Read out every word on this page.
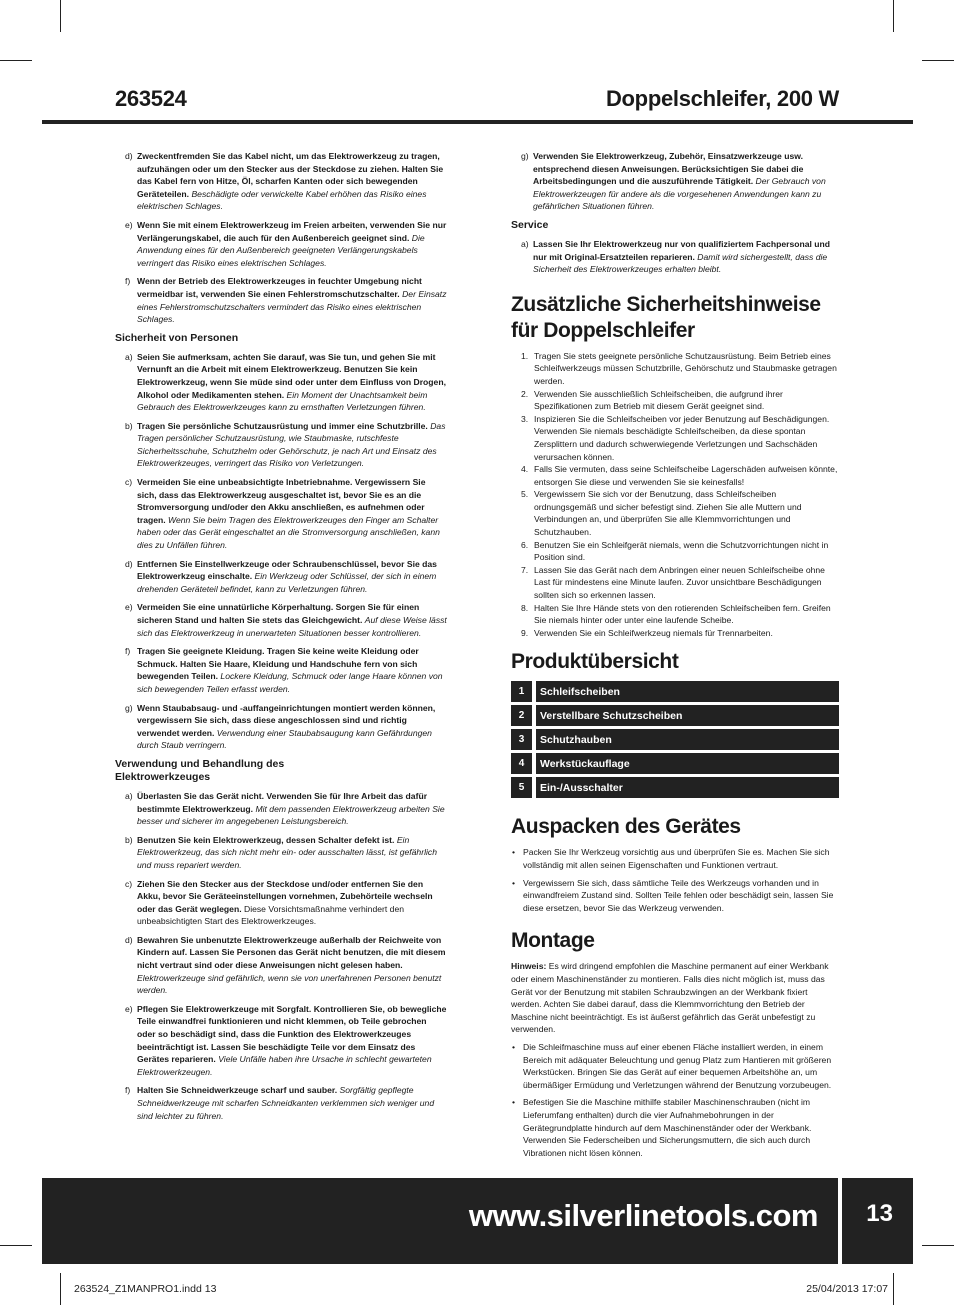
263524	Doppelschleifer, 200 W
d) Zweckentfremden Sie das Kabel nicht, um das Elektrowerkzeug zu tragen, aufzuhängen oder um den Stecker aus der Steckdose zu ziehen. Halten Sie das Kabel fern von Hitze, Öl, scharfen Kanten oder sich bewegenden Geräteteilen. Beschädigte oder verwickelte Kabel erhöhen das Risiko eines elektrischen Schlages.
e) Wenn Sie mit einem Elektrowerkzeug im Freien arbeiten, verwenden Sie nur Verlängerungskabel, die auch für den Außenbereich geeignet sind. Die Anwendung eines für den Außenbereich geeigneten Verlängerungskabels verringert das Risiko eines elektrischen Schlages.
f) Wenn der Betrieb des Elektrowerkzeuges in feuchter Umgebung nicht vermeidbar ist, verwenden Sie einen Fehlerstromschutzschalter. Der Einsatz eines Fehlerstromschutzschalters vermindert das Risiko eines elektrischen Schlages.
Sicherheit von Personen
a) Seien Sie aufmerksam, achten Sie darauf, was Sie tun, und gehen Sie mit Vernunft an die Arbeit mit einem Elektrowerkzeug. Benutzen Sie kein Elektrowerkzeug, wenn Sie müde sind oder unter dem Einfluss von Drogen, Alkohol oder Medikamenten stehen. Ein Moment der Unachtsamkeit beim Gebrauch des Elektrowerkzeuges kann zu ernsthaften Verletzungen führen.
b) Tragen Sie persönliche Schutzausrüstung und immer eine Schutzbrille. Das Tragen persönlicher Schutzausrüstung, wie Staubmaske, rutschfeste Sicherheitsschuhe, Schutzhelm oder Gehörschutz, je nach Art und Einsatz des Elektrowerkzeuges, verringert das Risiko von Verletzungen.
c) Vermeiden Sie eine unbeabsichtigte Inbetriebnahme. Vergewissern Sie sich, dass das Elektrowerkzeug ausgeschaltet ist, bevor Sie es an die Stromversorgung und/oder den Akku anschließen, es aufnehmen oder tragen. Wenn Sie beim Tragen des Elektrowerkzeuges den Finger am Schalter haben oder das Gerät eingeschaltet an die Stromversorgung anschließen, kann dies zu Unfällen führen.
d) Entfernen Sie Einstellwerkzeuge oder Schraubenschlüssel, bevor Sie das Elektrowerkzeug einschalte. Ein Werkzeug oder Schlüssel, der sich in einem drehenden Geräteteil befindet, kann zu Verletzungen führen.
e) Vermeiden Sie eine unnatürliche Körperhaltung. Sorgen Sie für einen sicheren Stand und halten Sie stets das Gleichgewicht. Auf diese Weise lässt sich das Elektrowerkzeug in unerwarteten Situationen besser kontrollieren.
f) Tragen Sie geeignete Kleidung. Tragen Sie keine weite Kleidung oder Schmuck. Halten Sie Haare, Kleidung und Handschuhe fern von sich bewegenden Teilen. Lockere Kleidung, Schmuck oder lange Haare können von sich bewegenden Teilen erfasst werden.
g) Wenn Staubabsaug- und -auffangeinrichtungen montiert werden können, vergewissern Sie sich, dass diese angeschlossen sind und richtig verwendet werden. Verwendung einer Staubabsaugung kann Gefährdungen durch Staub verringern.
Verwendung und Behandlung des Elektrowerkzeuges
a) Überlasten Sie das Gerät nicht. Verwenden Sie für Ihre Arbeit das dafür bestimmte Elektrowerkzeug. Mit dem passenden Elektrowerkzeug arbeiten Sie besser und sicherer im angegebenen Leistungsbereich.
b) Benutzen Sie kein Elektrowerkzeug, dessen Schalter defekt ist. Ein Elektrowerkzeug, das sich nicht mehr ein- oder ausschalten lässt, ist gefährlich und muss repariert werden.
c) Ziehen Sie den Stecker aus der Steckdose und/oder entfernen Sie den Akku, bevor Sie Geräteeinstellungen vornehmen, Zubehörteile wechseln oder das Gerät weglegen. Diese Vorsichtsmaßnahme verhindert den unbeabsichtigten Start des Elektrowerkzeuges.
d) Bewahren Sie unbenutzte Elektrowerkzeuge außerhalb der Reichweite von Kindern auf. Lassen Sie Personen das Gerät nicht benutzen, die mit diesem nicht vertraut sind oder diese Anweisungen nicht gelesen haben. Elektrowerkzeuge sind gefährlich, wenn sie von unerfahrenen Personen benutzt werden.
e) Pflegen Sie Elektrowerkzeuge mit Sorgfalt. Kontrollieren Sie, ob bewegliche Teile einwandfrei funktionieren und nicht klemmen, ob Teile gebrochen oder so beschädigt sind, dass die Funktion des Elektrowerkzeuges beeinträchtigt ist. Lassen Sie beschädigte Teile vor dem Einsatz des Gerätes reparieren. Viele Unfälle haben ihre Ursache in schlecht gewarteten Elektrowerkzeugen.
f) Halten Sie Schneidwerkzeuge scharf und sauber. Sorgfältig gepflegte Schneidwerkzeuge mit scharfen Schneidkanten verklemmen sich weniger und sind leichter zu führen.
g) Verwenden Sie Elektrowerkzeug, Zubehör, Einsatzwerkzeuge usw. entsprechend diesen Anweisungen. Berücksichtigen Sie dabei die Arbeitsbedingungen und die auszuführende Tätigkeit. Der Gebrauch von Elektrowerkzeugen für andere als die vorgesehenen Anwendungen kann zu gefährlichen Situationen führen.
Service
a) Lassen Sie Ihr Elektrowerkzeug nur von qualifiziertem Fachpersonal und nur mit Original-Ersatzteilen reparieren. Damit wird sichergestellt, dass die Sicherheit des Elektrowerkzeuges erhalten bleibt.
Zusätzliche Sicherheitshinweise für Doppelschleifer
1. Tragen Sie stets geeignete persönliche Schutzausrüstung. Beim Betrieb eines Schleifwerkzeugs müssen Schutzbrille, Gehörschutz und Staubmaske getragen werden.
2. Verwenden Sie ausschließlich Schleifscheiben, die aufgrund ihrer Spezifikationen zum Betrieb mit diesem Gerät geeignet sind.
3. Inspizieren Sie die Schleifscheiben vor jeder Benutzung auf Beschädigungen. Verwenden Sie niemals beschädigte Schleifscheiben, da diese spontan Zersplittern und dadurch schwerwiegende Verletzungen und Sachschäden verursachen können.
4. Falls Sie vermuten, dass seine Schleifscheibe Lagerschäden aufweisen könnte, entsorgen Sie diese und verwenden Sie sie keinesfalls!
5. Vergewissern Sie sich vor der Benutzung, dass Schleifscheiben ordnungsgemäß und sicher befestigt sind. Ziehen Sie alle Muttern und Verbindungen an, und überprüfen Sie alle Klemmvorrichtungen und Schutzhauben.
6. Benutzen Sie ein Schleifgerät niemals, wenn die Schutzvorrichtungen nicht in Position sind.
7. Lassen Sie das Gerät nach dem Anbringen einer neuen Schleifscheibe ohne Last für mindestens eine Minute laufen. Zuvor unsichtbare Beschädigungen sollten sich so erkennen lassen.
8. Halten Sie Ihre Hände stets von den rotierenden Schleifscheiben fern. Greifen Sie niemals hinter oder unter eine laufende Scheibe.
9. Verwenden Sie ein Schleifwerkzeug niemals für Trennarbeiten.
Produktübersicht
1	Schleifscheiben
2	Verstellbare Schutzscheiben
3	Schutzhauben
4	Werkstückauflage
5	Ein-/Ausschalter
Auspacken des Gerätes
• Packen Sie Ihr Werkzeug vorsichtig aus und überprüfen Sie es. Machen Sie sich vollständig mit allen seinen Eigenschaften und Funktionen vertraut.
• Vergewissern Sie sich, dass sämtliche Teile des Werkzeugs vorhanden und in einwandfreiem Zustand sind. Sollten Teile fehlen oder beschädigt sein, lassen Sie diese ersetzen, bevor Sie das Werkzeug verwenden.
Montage
Hinweis: Es wird dringend empfohlen die Maschine permanent auf einer Werkbank oder einem Maschinenständer zu montieren. Falls dies nicht möglich ist, muss das Gerät vor der Benutzung mit stabilen Schraubzwingen an der Werkbank fixiert werden. Achten Sie dabei darauf, dass die Klemmvorrichtung den Betrieb der Maschine nicht beeinträchtigt. Es ist äußerst gefährlich das Gerät unbefestigt zu verwenden.
• Die Schleifmaschine muss auf einer ebenen Fläche installiert werden, in einem Bereich mit adäquater Beleuchtung und genug Platz zum Hantieren mit größeren Werkstücken. Bringen Sie das Gerät auf einer bequemen Arbeitshöhe an, um übermäßiger Ermüdung und Verletzungen während der Benutzung vorzubeugen.
• Befestigen Sie die Maschine mithilfe stabiler Maschinenschrauben (nicht im Lieferumfang enthalten) durch die vier Aufnahmebohrungen in der Gerätegrundplatte hindurch auf dem Maschinenständer oder der Werkbank. Verwenden Sie Federscheiben und Sicherungsmuttern, die sich auch durch Vibrationen nicht lösen können.
www.silverlinetools.com 13
263524_Z1MANPRO1.indd 13	25/04/2013 17:07
